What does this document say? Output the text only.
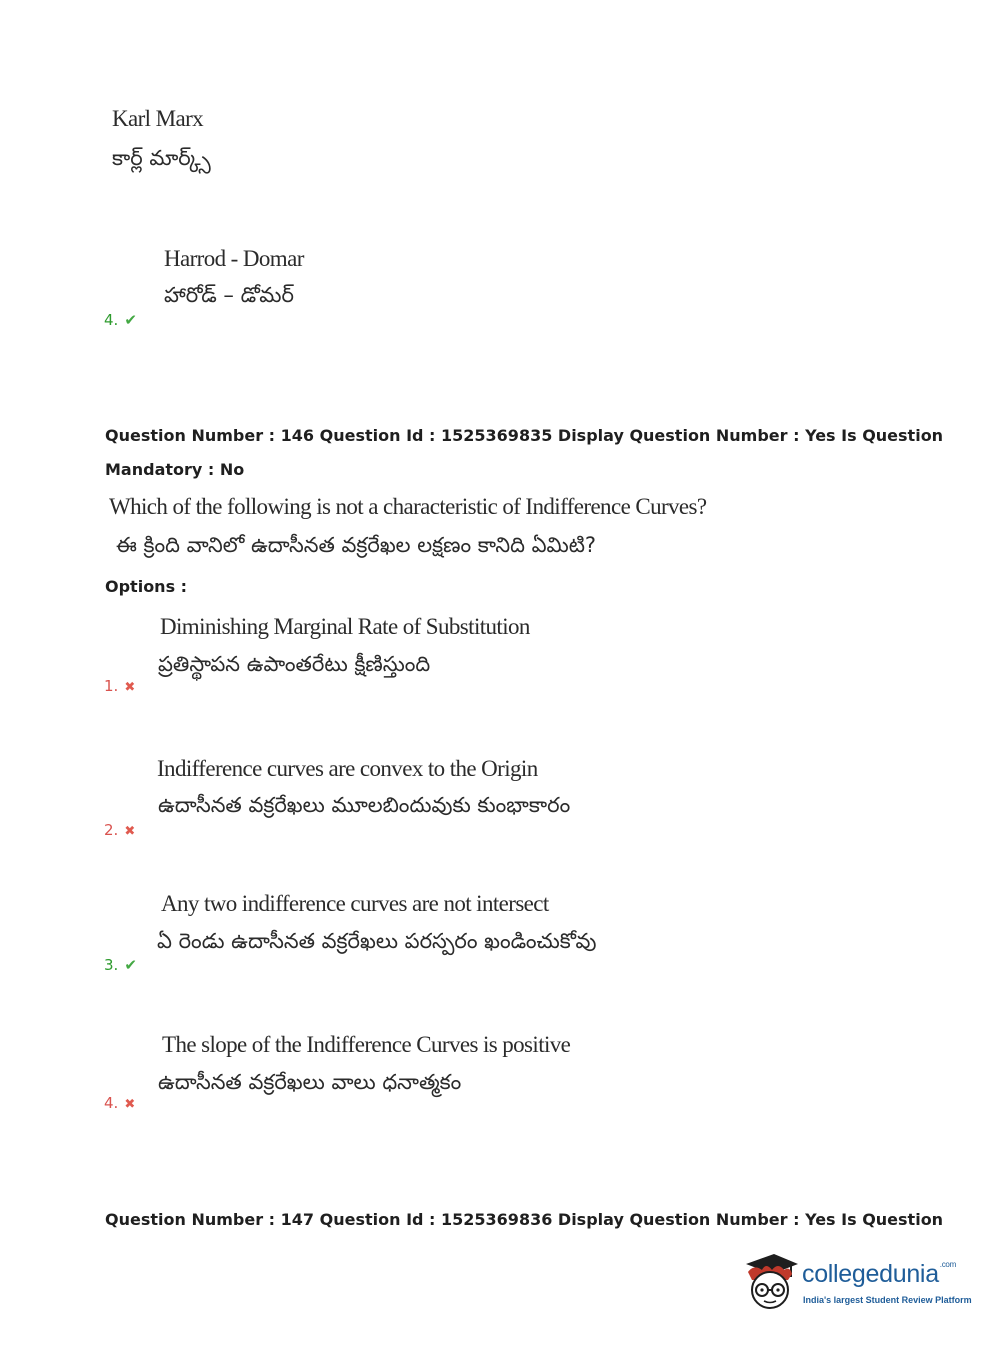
Karl Marx
కార్ల్ మార్క్స్
Harrod - Domar
హారోడ్ – డోమర్
4. ✔
Question Number : 146 Question Id : 1525369835 Display Question Number : Yes Is Question
Mandatory : No
Which of the following is not a characteristic of Indifference Curves?
ఈ క్రింది వానిలో ఉదాసీనత వక్రరేఖల లక్షణం కానిది ఏమిటి?
Options :
Diminishing Marginal Rate of Substitution
ప్రతిస్థాపన ఉపాంతరేటు క్షీణిస్తుంది
1. ✖
Indifference curves are convex to the Origin
ఉదాసీనత వక్రరేఖలు మూలబిందువుకు కుంభాకారం
2. ✖
Any two indifference curves are not intersect
ఏ రెండు ఉదాసీనత వక్రరేఖలు పరస్పరం ఖండించుకోవు
3. ✔
The slope of the Indifference Curves is positive
ఉదాసీనత వక్రరేఖలు వాలు ధనాత్మకం
4. ✖
Question Number : 147 Question Id : 1525369836 Display Question Number : Yes Is Question
collegedunia$^{.com}$
India's largest Student Review Platform
